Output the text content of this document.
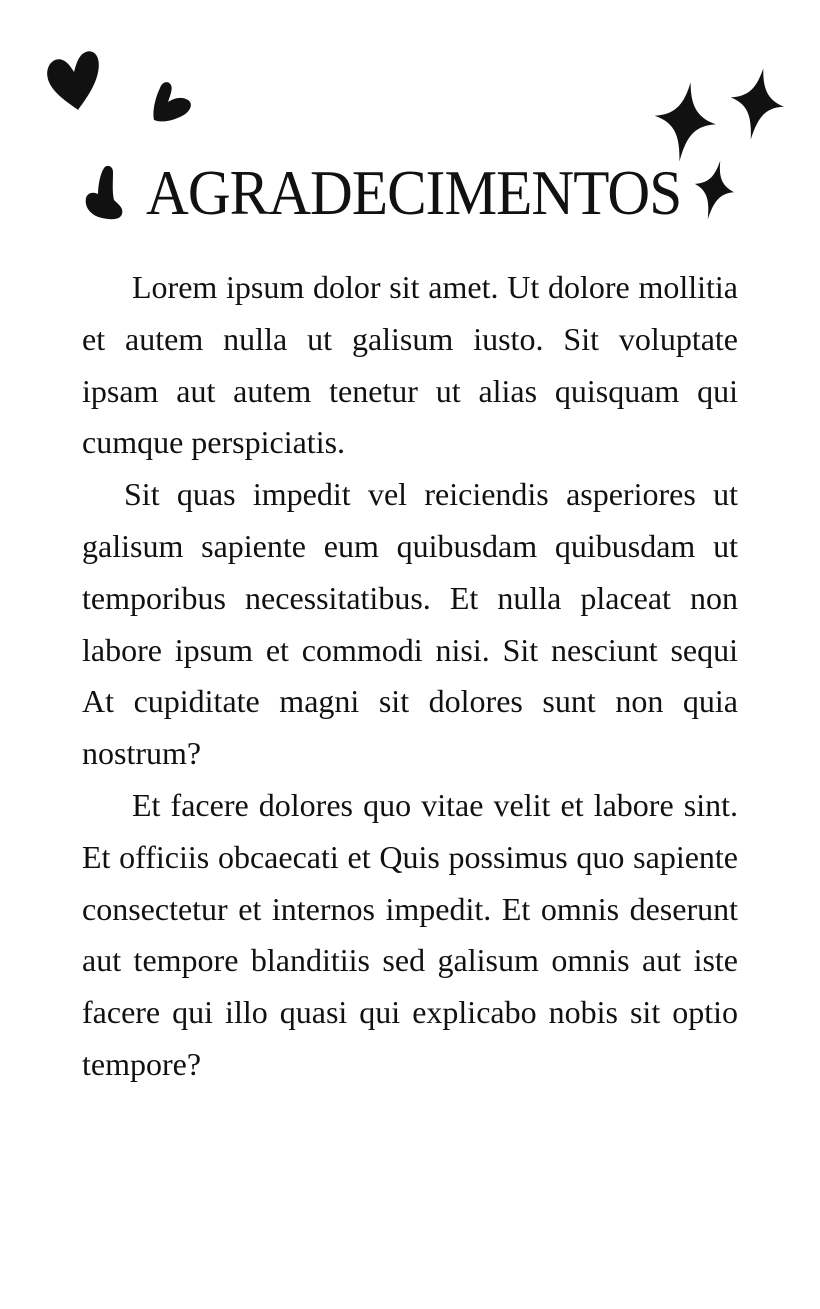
AGRADECIMENTOS

Lorem ipsum dolor sit amet. Ut dolore mollitia et autem nulla ut galisum iusto. Sit voluptate ipsam aut autem tenetur ut alias quisquam qui cumque perspiciatis.

Sit quas impedit vel reiciendis asperiores ut galisum sapiente eum quibusdam quibusdam ut temporibus necessitatibus. Et nulla placeat non labore ipsum et commodi nisi. Sit nesciunt sequi At cupiditate magni sit dolores sunt non quia nostrum?

Et facere dolores quo vitae velit et labore sint. Et officiis obcaecati et Quis possimus quo sapiente consectetur et internos impedit. Et omnis deserunt aut tempore blanditiis sed galisum omnis aut iste facere qui illo quasi qui explicabo nobis sit optio tempore?
